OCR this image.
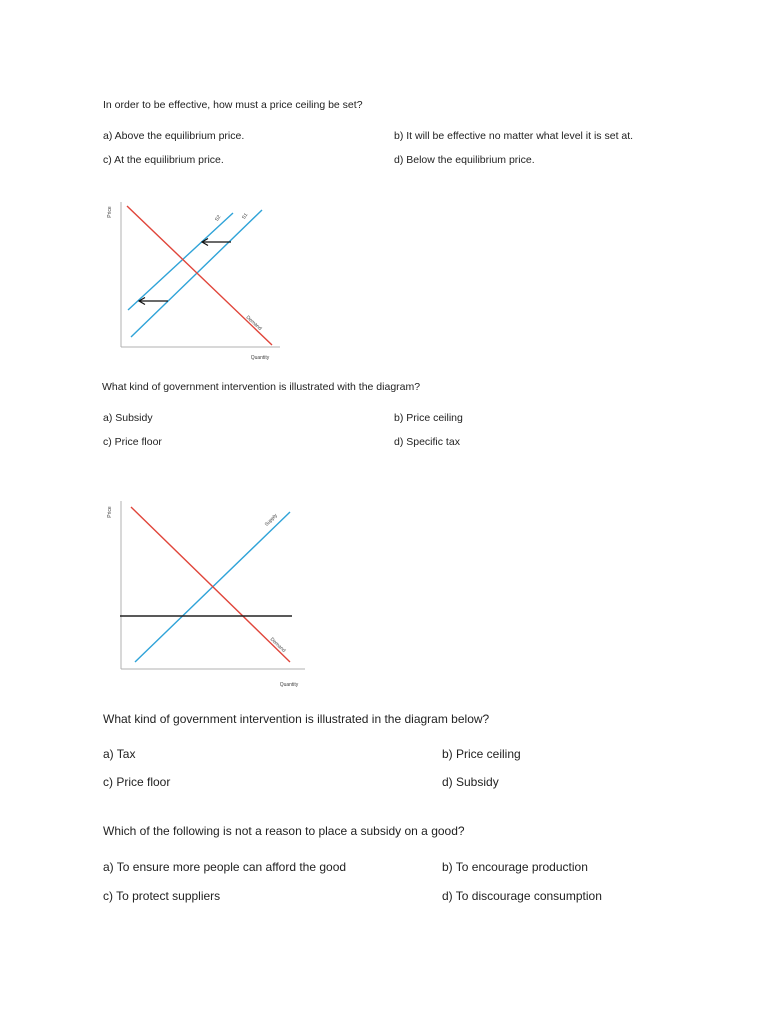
In order to be effective, how must a price ceiling be set?
a) Above the equilibrium price.	b) It will be effective no matter what level it is set at.
c) At the equilibrium price.	d) Below the equilibrium price.
Price
Quantity
S2	S1
Demand
What kind of government intervention is illustrated with the diagram?
a) Subsidy	b) Price ceiling
c) Price floor	d) Specific tax
Price
Quantity
Supply
Demand
What kind of government intervention is illustrated in the diagram below?
a) Tax	b) Price ceiling
c) Price floor	d) Subsidy
Which of the following is not a reason to place a subsidy on a good?
a) To ensure more people can afford the good	b) To encourage production
c) To protect suppliers	d) To discourage consumption
